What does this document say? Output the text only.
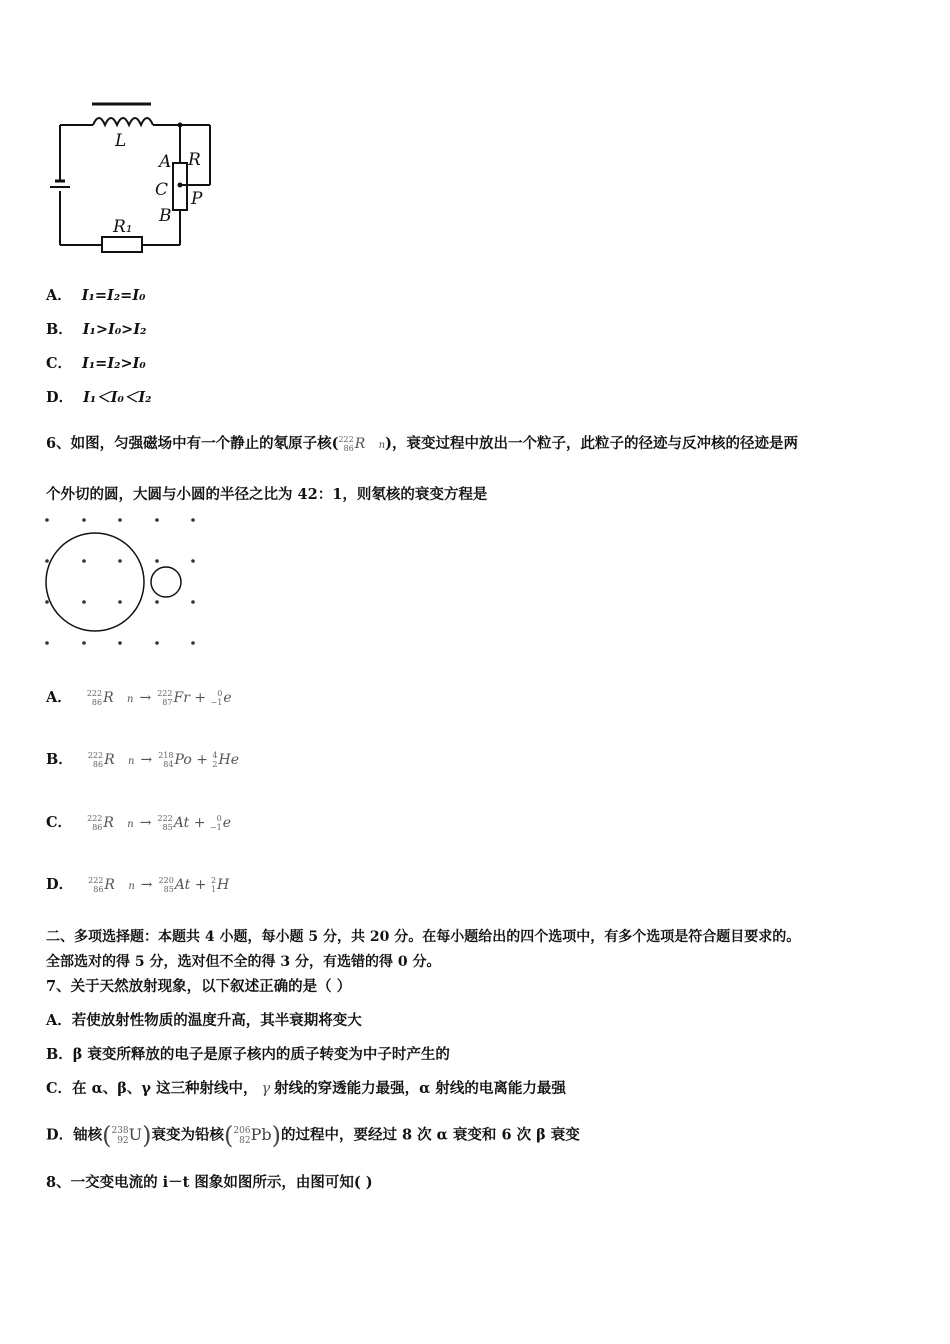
L
A
C
B
R
P
R₁
A． I₁=I₂=I₀
B． I₁>I₀>I₂
C． I₁=I₂>I₀
D． I₁＜I₀＜I₂
6、如图，匀强磁场中有一个静止的氡原子核(222
86R n)，衰变过程中放出一个粒子，此粒子的径迹与反冲核的径迹是两
个外切的圆，大圆与小圆的半径之比为 42：1，则氡核的衰变方程是
A． 222
86R   n → 222
87Fr + 0
−1e
B． 222
86R   n → 218
84Po + 4
2He
C． 222
86R   n → 222
85At + 0
−1e
D． 222
86R   n → 220
85At + 2
1H
二、多项选择题：本题共 4 小题，每小题 5 分，共 20 分。在每小题给出的四个选项中，有多个选项是符合题目要求的。
全部选对的得 5 分，选对但不全的得 3 分，有选错的得 0 分。
7、关于天然放射现象，以下叙述正确的是（ ）
A．若使放射性物质的温度升高，其半衰期将变大
B．β 衰变所释放的电子是原子核内的质子转变为中子时产生的
C．在 α、β、γ 这三种射线中， γ 射线的穿透能力最强，α 射线的电离能力最强
D．铀核(238
92U)衰变为铅核(206
82Pb)的过程中，要经过 8 次 α 衰变和 6 次 β 衰变
8、一交变电流的 i－t 图象如图所示，由图可知( )
